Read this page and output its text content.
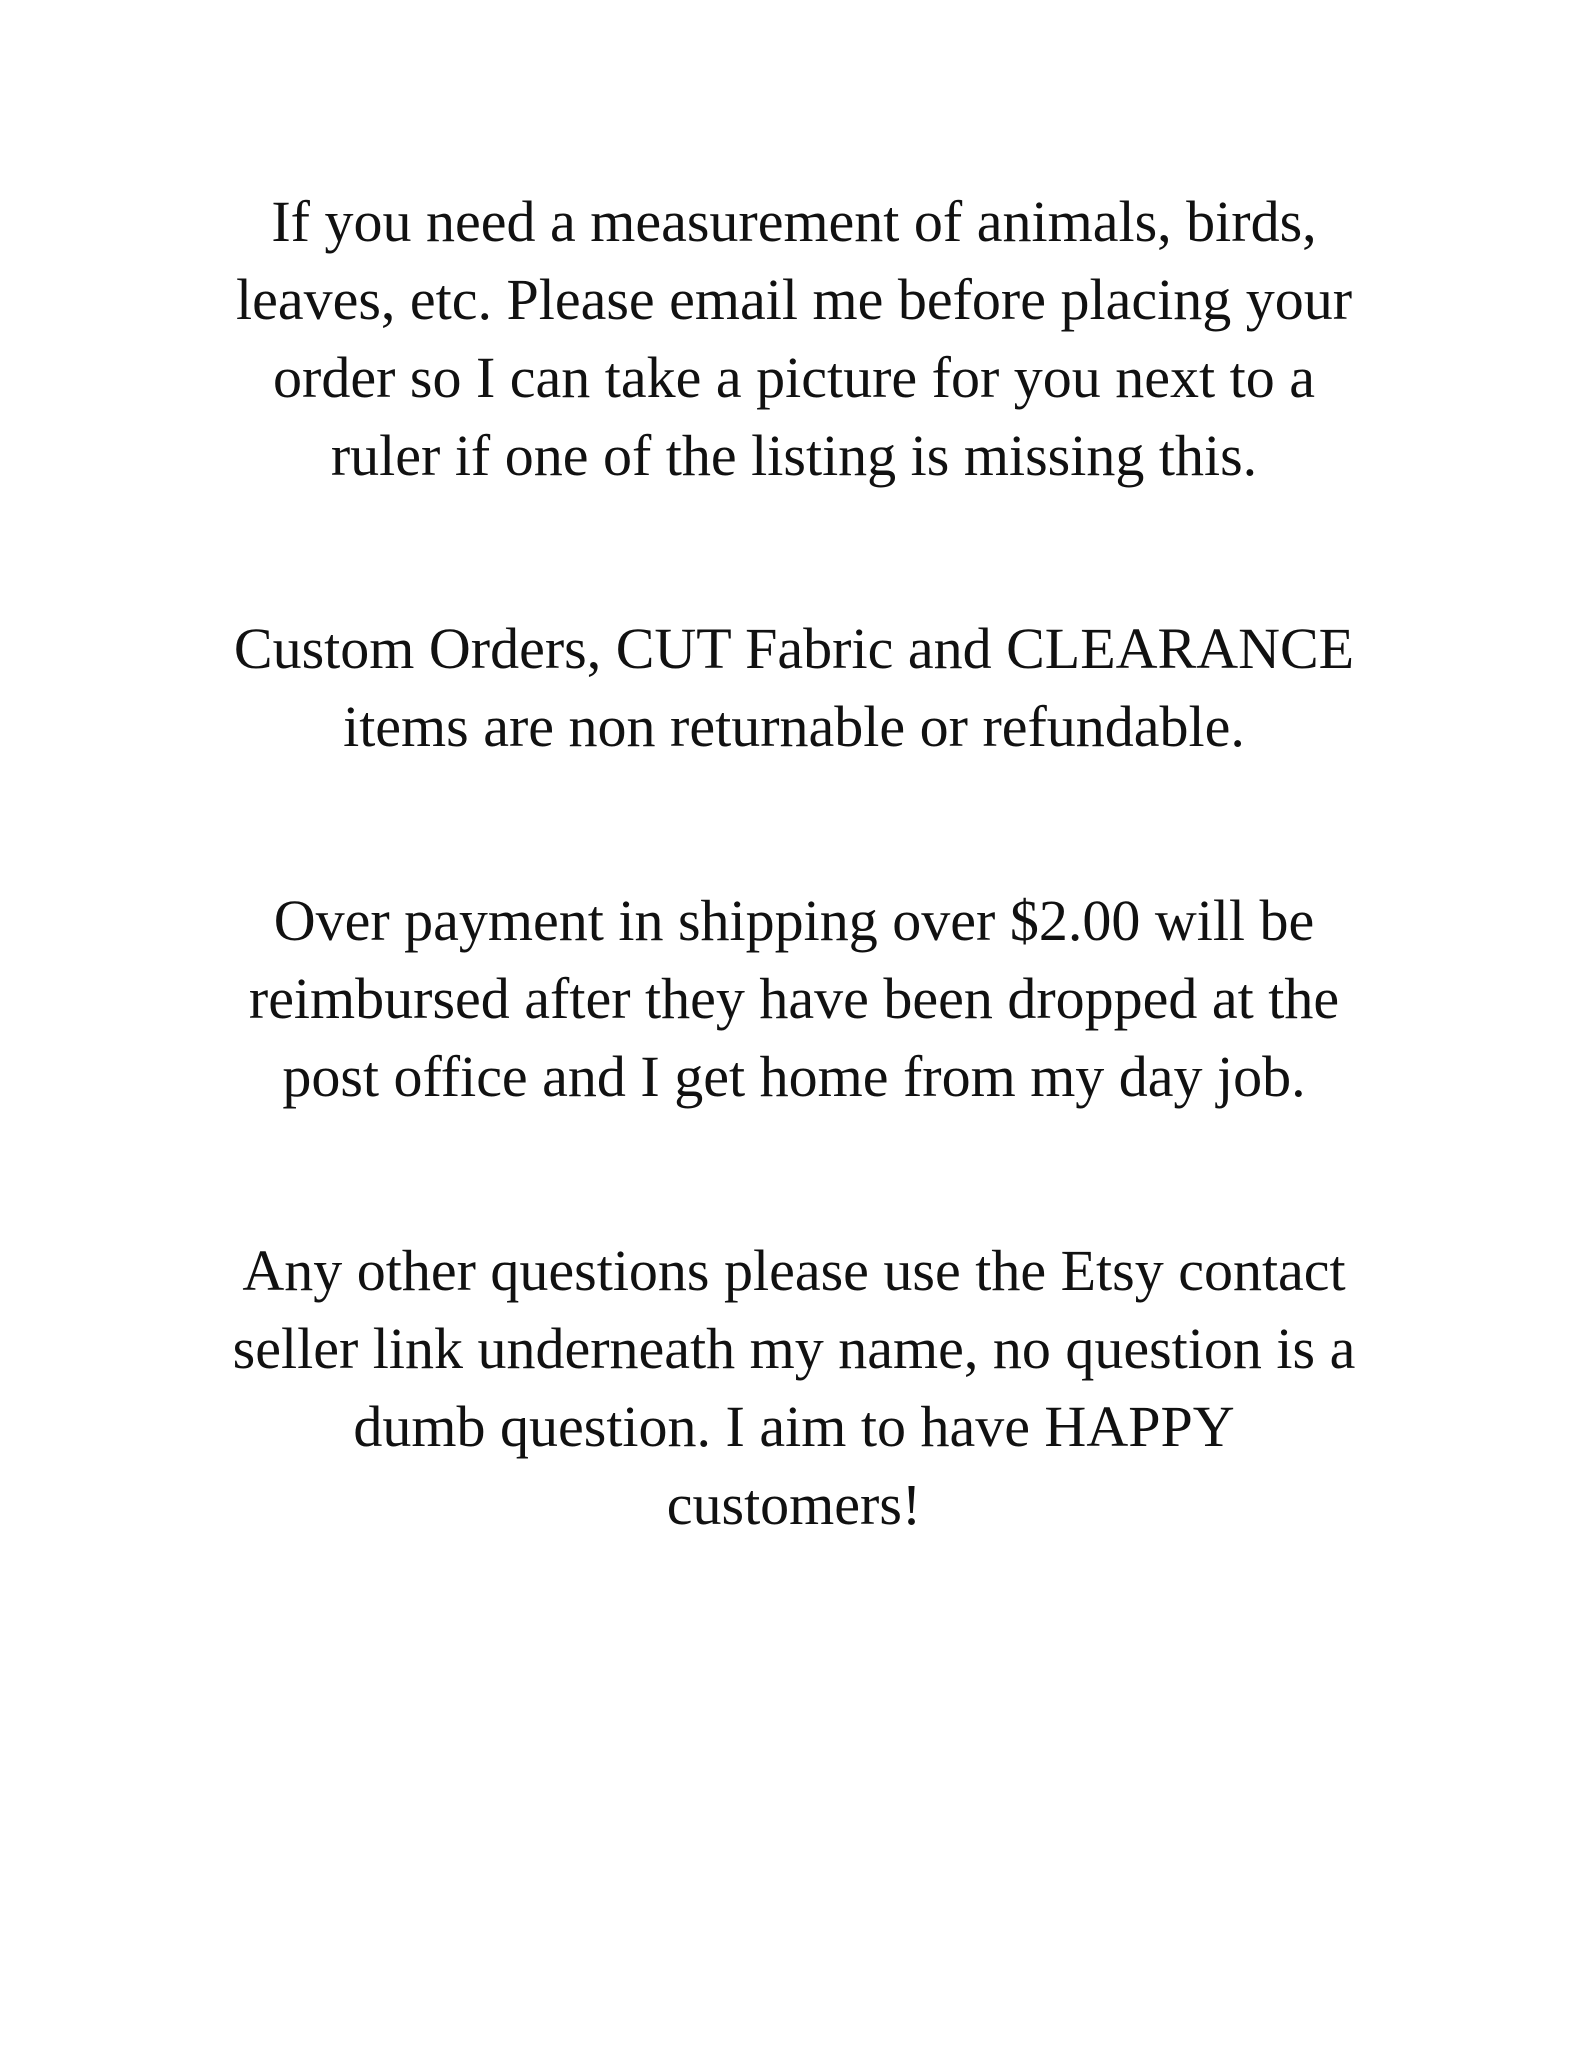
If you need a measurement of animals, birds,
leaves, etc. Please email me before placing your
order so I can take a picture for you next to a
ruler if one of the listing is missing this.
Custom Orders, CUT Fabric and CLEARANCE
items are non returnable or refundable.
Over payment in shipping over $2.00 will be
reimbursed after they have been dropped at the
post office and I get home from my day job.
Any other questions please use the Etsy contact
seller link underneath my name, no question is a
dumb question. I aim to have HAPPY
customers!
